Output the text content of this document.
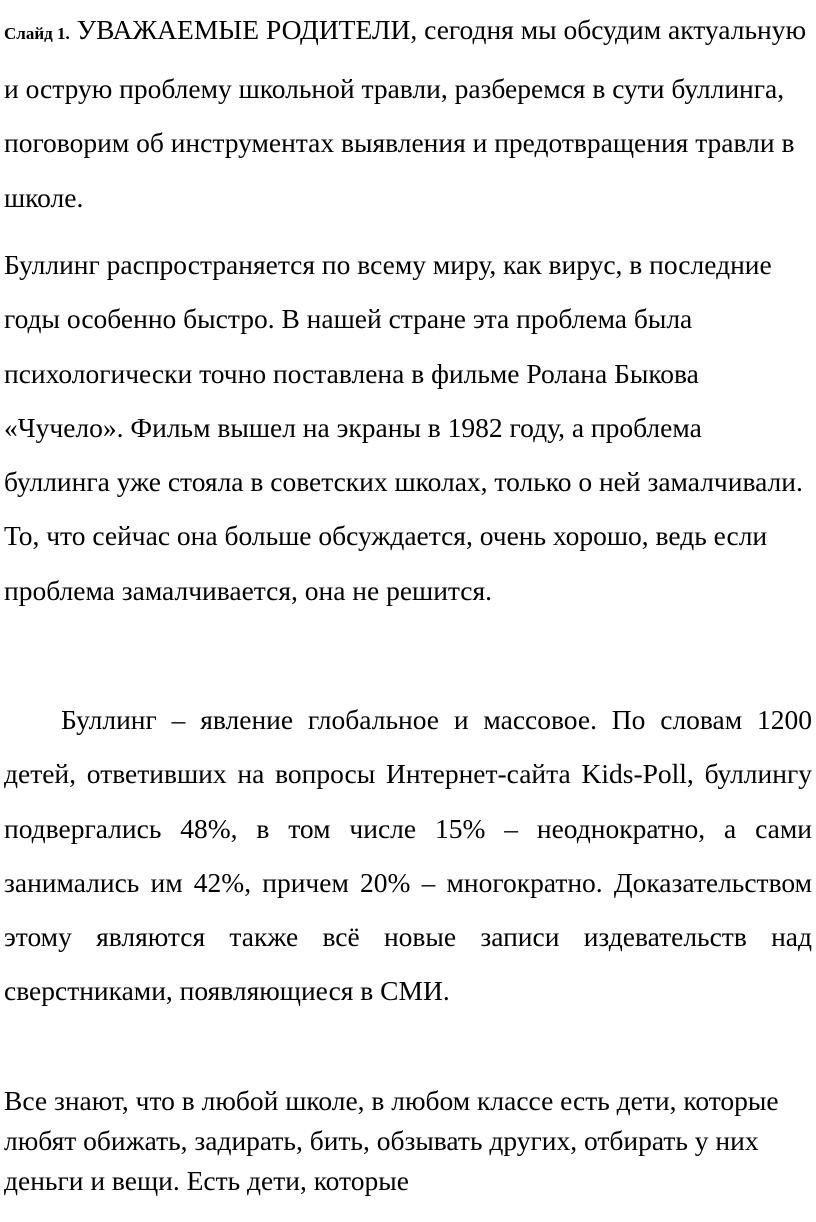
Слайд 1. УВАЖАЕМЫЕ РОДИТЕЛИ, сегодня мы обсудим актуальную и острую проблему школьной травли, разберемся в сути буллинга, поговорим об инструментах выявления и предотвращения травли в школе.

Буллинг распространяется по всему миру, как вирус, в последние годы особенно быстро. В нашей стране эта проблема была психологически точно поставлена в фильме Ролана Быкова «Чучело». Фильм вышел на экраны в 1982 году, а проблема буллинга уже стояла в советских школах, только о ней замалчивали. То, что сейчас она больше обсуждается, очень хорошо, ведь если проблема замалчивается, она не решится.

Буллинг – явление глобальное и массовое. По словам 1200 детей, ответивших на вопросы Интернет-сайта Kids-Poll, буллингу подвергались 48%, в том числе 15% – неоднократно, а сами занимались им 42%, причем 20% – многократно. Доказательством этому являются также всё новые записи издевательств над сверстниками, появляющиеся в СМИ.

Все знают, что в любой школе, в любом классе есть дети, которые любят обижать, задирать, бить, обзывать других, отбирать у них деньги и вещи. Есть дети, которые
